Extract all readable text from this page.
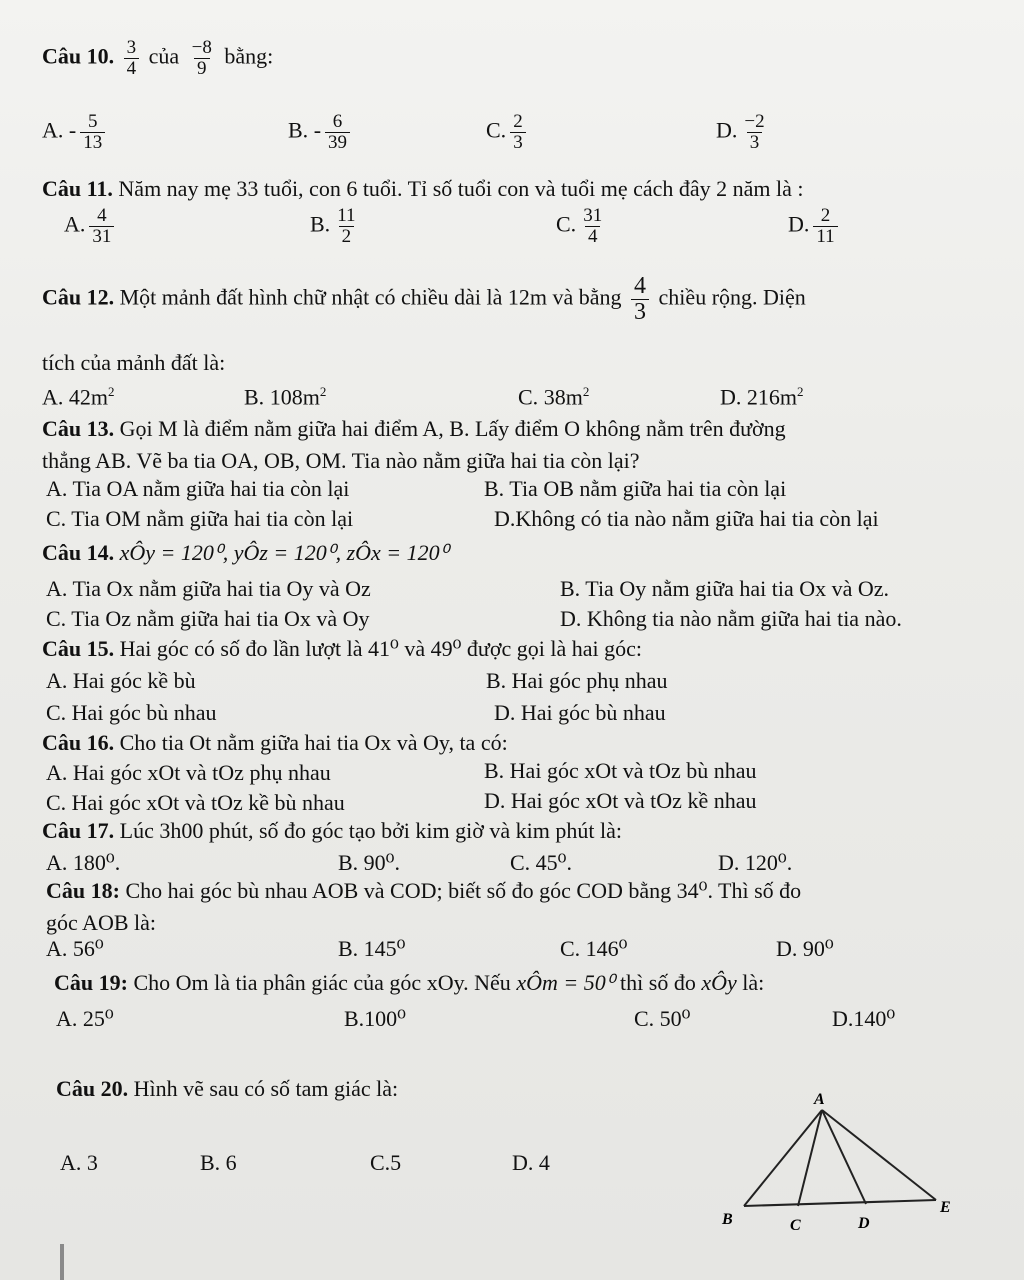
Câu 10. $\frac{3}{4}$ của $\frac{-8}{9}$ bằng:
A. - $\frac{5}{13}$	B. - $\frac{6}{39}$	C. $\frac{2}{3}$	D. $\frac{-2}{3}$
Câu 11. Năm nay mẹ 33 tuổi, con 6 tuổi. Tỉ số tuổi con và tuổi mẹ cách đây 2 năm là :
A. $\frac{4}{31}$	B. $\frac{11}{2}$	C. $\frac{31}{4}$	D. $\frac{2}{11}$
Câu 12. Một mảnh đất hình chữ nhật có chiều dài là 12m và bằng $\frac{4}{3}$ chiều rộng. Diện
tích của mảnh đất là:
A. $42m^2$	B. $108m^2$	C. $38m^2$	D. $216m^2$
Câu 13. Gọi M là điểm nằm giữa hai điểm A, B. Lấy điểm O không nằm trên đường
thẳng AB. Vẽ ba tia OA, OB, OM. Tia nào nằm giữa hai tia còn lại?
A. Tia OA nằm giữa hai tia còn lại	B. Tia OB nằm giữa hai tia còn lại
C. Tia OM nằm giữa hai tia còn lại	D.Không có tia nào nằm giữa hai tia còn lại
Câu 14. xÔy = 120⁰, yÔz = 120⁰, zÔx = 120⁰
A. Tia Ox nằm giữa hai tia Oy và Oz	B. Tia Oy nằm giữa hai tia Ox và Oz.
C. Tia Oz nằm giữa hai tia Ox và Oy	D. Không tia nào nằm giữa hai tia nào.
Câu 15. Hai góc có số đo lần lượt là 41⁰ và 49⁰ được gọi là hai góc:
A. Hai góc kề bù	B. Hai góc phụ nhau
C. Hai góc bù nhau	D. Hai góc bù nhau
Câu 16. Cho tia Ot nằm giữa hai tia Ox và Oy, ta có:
A. Hai góc xOt và tOz phụ nhau	B. Hai góc xOt và tOz bù nhau
C. Hai góc xOt và tOz kề bù nhau	D. Hai góc xOt và tOz kề nhau
Câu 17. Lúc 3h00 phút, số đo góc tạo bởi kim giờ và kim phút là:
A. 180⁰.	B. 90⁰.	C. 45⁰.	D. 120⁰.
Câu 18: Cho hai góc bù nhau AOB và COD; biết số đo góc COD bằng 34⁰. Thì số đo
góc AOB là:
A. 56⁰	B. 145⁰	C. 146⁰	D. 90⁰
Câu 19: Cho Om là tia phân giác của góc xOy. Nếu xÔm = 50⁰ thì số đo xÔy là:
A. 25⁰	B.100⁰	C. 50⁰	D.140⁰
Câu 20. Hình vẽ sau có số tam giác là:
A. 3	B. 6	C.5	D. 4
A
B	C	D
E
